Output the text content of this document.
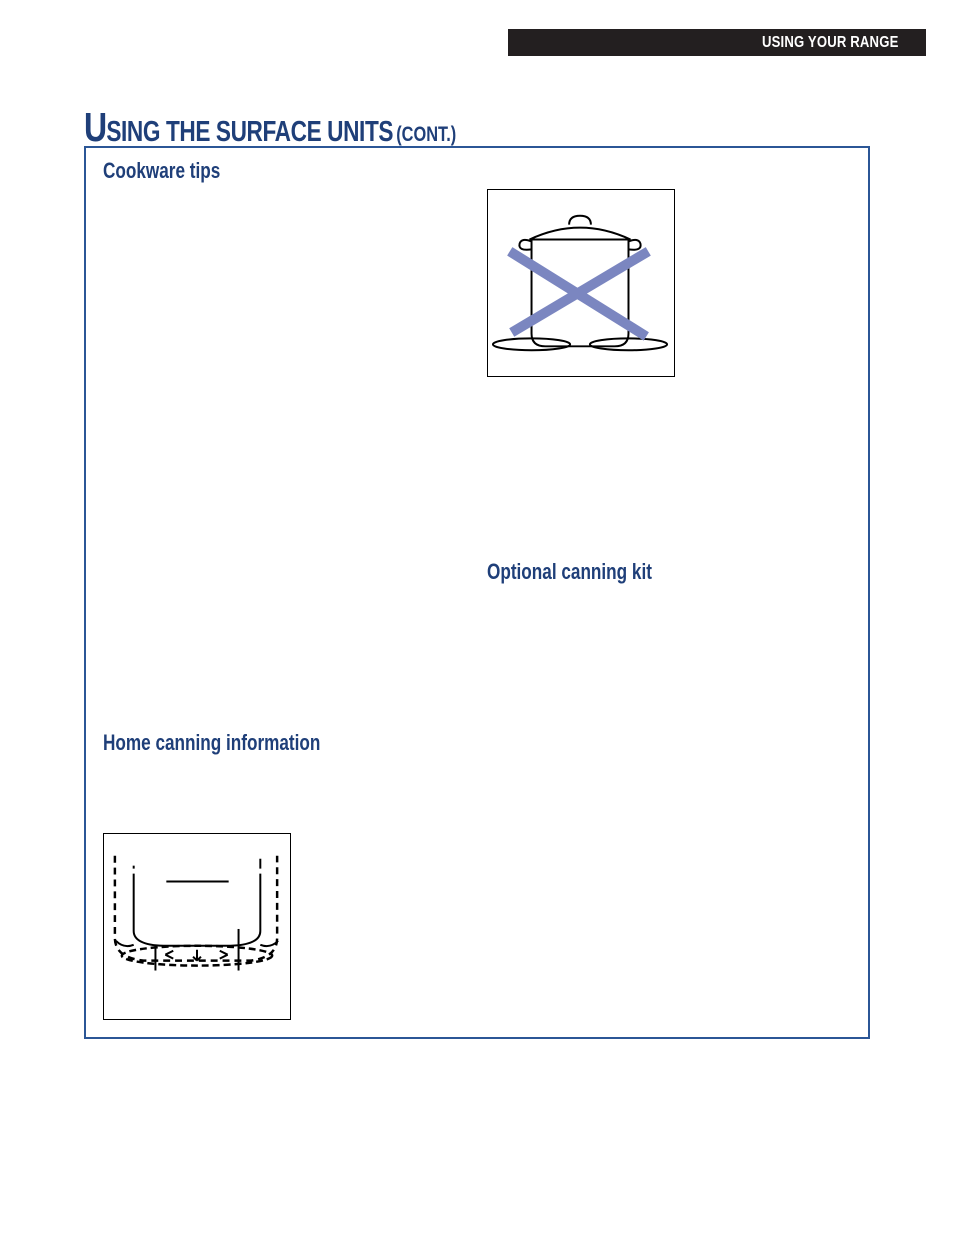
USING YOUR RANGE
USING THE SURFACE UNITS (CONT.)
Cookware tips
Home canning information
Optional canning kit
